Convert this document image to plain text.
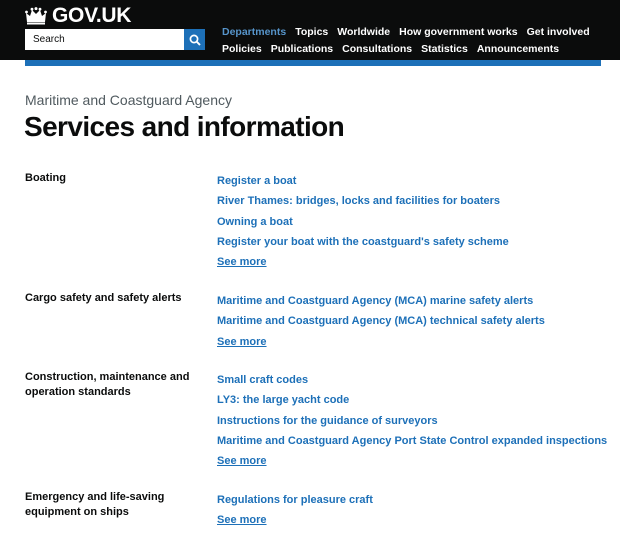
GOV.UK
Search
Departments Topics Worldwide How government works Get involved
Policies Publications Consultations Statistics Announcements
Maritime and Coastguard Agency
Services and information
Boating	Register a boat
River Thames: bridges, locks and facilities for boaters
Owning a boat
Register your boat with the coastguard's safety scheme
See more
Cargo safety and safety alerts	Maritime and Coastguard Agency (MCA) marine safety alerts
Maritime and Coastguard Agency (MCA) technical safety alerts
See more
Construction, maintenance and operation standards
Small craft codes
LY3: the large yacht code
Instructions for the guidance of surveyors
Maritime and Coastguard Agency Port State Control expanded inspections
See more
Emergency and life-saving equipment on ships
Regulations for pleasure craft
See more
